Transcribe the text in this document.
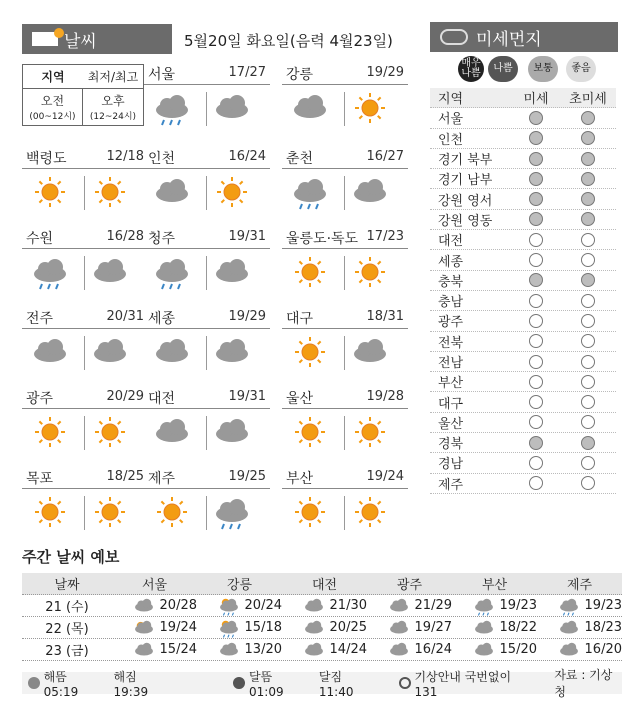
날씨	5월20일 화요일(음력 4월23일)
지역	최저/최고
오전
(00~12시)
오후
(12~24시)
서울	17/27 강릉	19/29
백령도	12/18 인천	16/24 춘천	16/27
수원	16/28 청주	19/31 울릉도·독도 17/23
전주	20/31 세종	19/29 대구	18/31
광주	20/29 대전	19/31 울산	19/28
목포	18/25 제주	19/25 부산	19/24
미세먼지
매우 나쁨	나쁨	보통	좋음
지역	미세	초미세
서울
인천
경기 북부
경기 남부
강원 영서
강원 영동
대전
세종
충북
충남
광주
전북
전남
부산
대구
울산
경북
경남
제주
주간 날씨 예보
날짜	서울	강릉	대전	광주	부산	제주
21 (수)	20/28	20/24	21/30	21/29	19/23	19/23
22 (목)	19/24	15/18	20/25	19/27	18/22	18/23
23 (금)	15/24	13/20	14/24	16/24	15/20	16/20
해뜸 05:19
해짐 19:39
달뜸 01:09
달짐 11:40
기상안내 국번없이 131
자료 : 기상청
